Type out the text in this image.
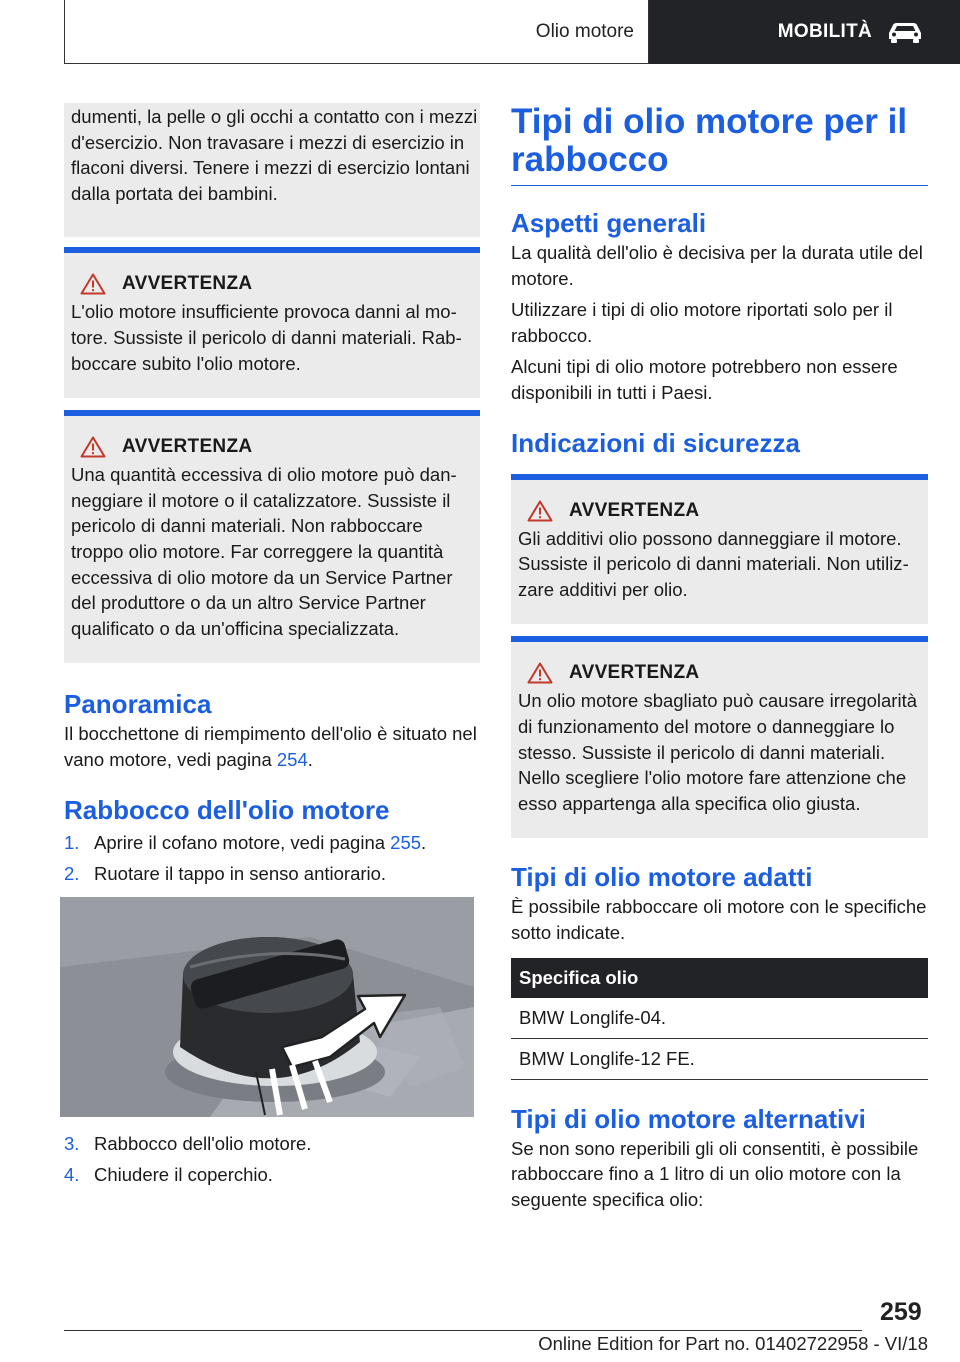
Olio motore	MOBILITÀ

dumenti, la pelle o gli occhi a contatto con i mezzi d'esercizio. Non travasare i mezzi di esercizio in flaconi diversi. Tenere i mezzi di esercizio lontani dalla portata dei bambini.

AVVERTENZA

L'olio motore insufficiente provoca danni al motore. Sussiste il pericolo di danni materiali. Rabboccare subito l'olio motore.

AVVERTENZA

Una quantità eccessiva di olio motore può danneggiare il motore o il catalizzatore. Sussiste il pericolo di danni materiali. Non rabboccare troppo olio motore. Far correggere la quantità eccessiva di olio motore da un Service Partner del produttore o da un altro Service Partner qualificato o da un'officina specializzata.

Panoramica

Il bocchettone di riempimento dell'olio è situato nel vano motore, vedi pagina 254.

Rabbocco dell'olio motore
1. Aprire il cofano motore, vedi pagina 255.
2. Ruotare il tappo in senso antiorario.
3. Rabbocco dell'olio motore.
4. Chiudere il coperchio.
Tipi di olio motore per il rabbocco
Aspetti generali

La qualità dell'olio è decisiva per la durata utile del motore.

Utilizzare i tipi di olio motore riportati solo per il rabbocco.

Alcuni tipi di olio motore potrebbero non essere disponibili in tutti i Paesi.

Indicazioni di sicurezza
AVVERTENZA

Gli additivi olio possono danneggiare il motore. Sussiste il pericolo di danni materiali. Non utilizzare additivi per olio.

AVVERTENZA

Un olio motore sbagliato può causare irregolarità di funzionamento del motore o danneggiare lo stesso. Sussiste il pericolo di danni materiali. Nello scegliere l'olio motore fare attenzione che esso appartenga alla specifica olio giusta.

Tipi di olio motore adatti

È possibile rabboccare oli motore con le specifiche sotto indicate.

Specifica olio
BMW Longlife-04.
BMW Longlife-12 FE.
Tipi di olio motore alternativi

Se non sono reperibili gli oli consentiti, è possibile rabboccare fino a 1 litro di un olio motore con la seguente specifica olio:

259
Online Edition for Part no. 01402722958 - VI/18
